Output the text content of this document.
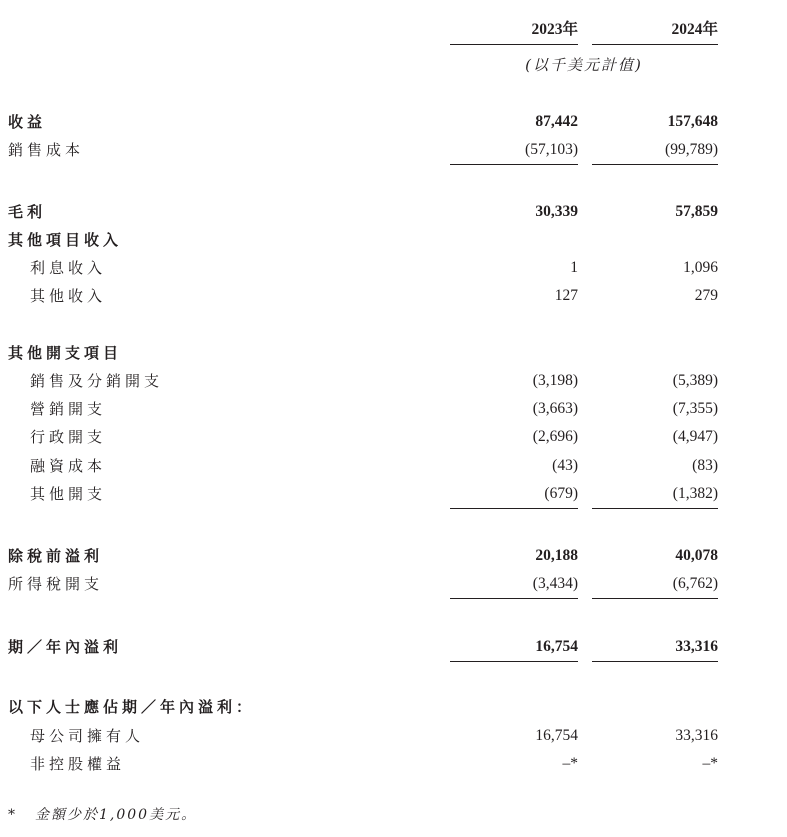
2023年	2024年
(以千美元計值)
收益	87,442	157,648
銷售成本	(57,103)	(99,789)
毛利	30,339	57,859
其他項目收入
利息收入	1	1,096
其他收入	127	279
其他開支項目
銷售及分銷開支	(3,198)	(5,389)
營銷開支	(3,663)	(7,355)
行政開支	(2,696)	(4,947)
融資成本	(43)	(83)
其他開支	(679)	(1,382)
除稅前溢利	20,188	40,078
所得稅開支	(3,434)	(6,762)
期／年內溢利	16,754	33,316
以下人士應佔期／年內溢利：
母公司擁有人	16,754	33,316
非控股權益	–*	–*
* 金額少於1,000美元。
